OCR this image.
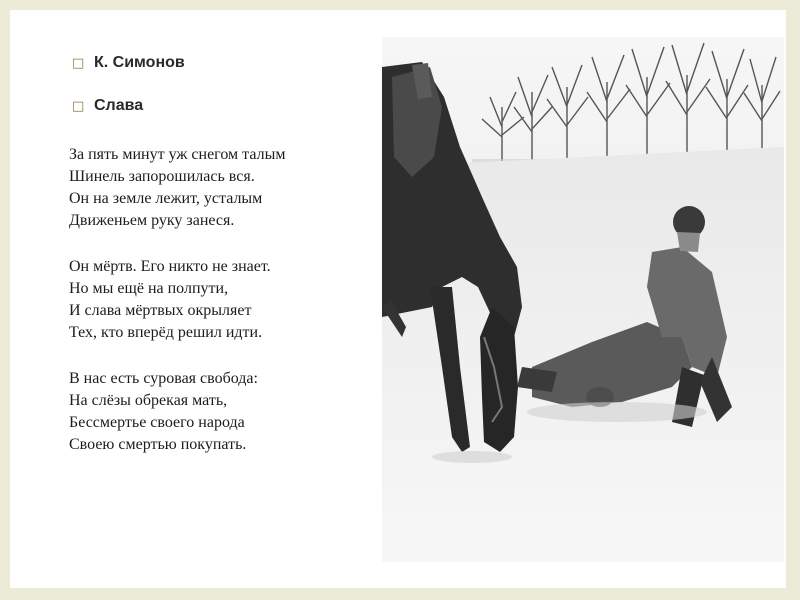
□ К. Симонов
□ Слава
За пять минут уж снегом талым
Шинель запорошилась вся.
Он на земле лежит, усталым
Движеньем руку занеся.
Он мёртв. Его никто не знает.
Но мы ещё на полпути,
И слава мёртвых окрыляет
Тех, кто вперёд решил идти.
В нас есть суровая свобода:
На слёзы обрекая мать,
Бессмертье своего народа
Своею смертью покупать.
